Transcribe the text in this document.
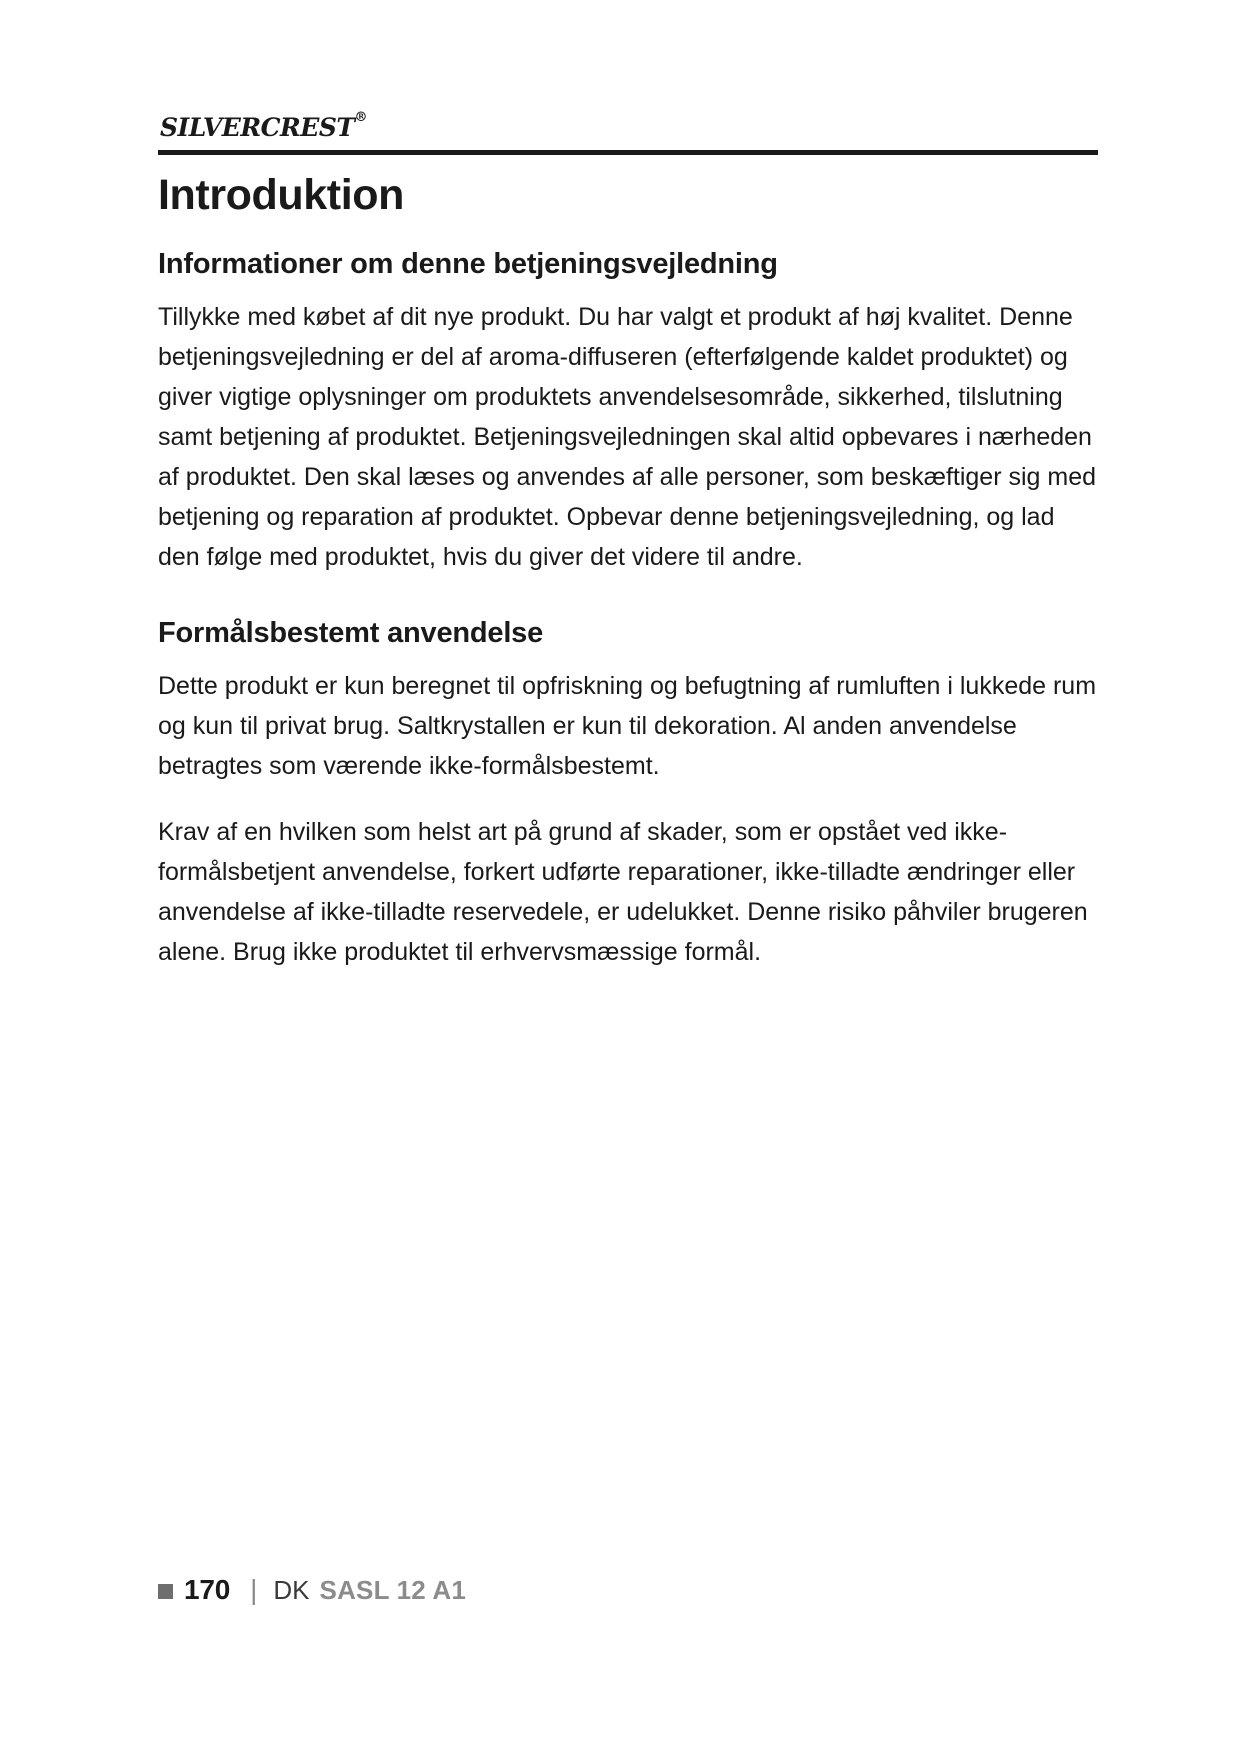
SILVERCREST®
Introduktion
Informationer om denne betjeningsvejledning

Tillykke med købet af dit nye produkt. Du har valgt et produkt af høj kvalitet. Denne betjeningsvejledning er del af aroma-diffuseren (efterfølgende kaldet produktet) og giver vigtige oplysninger om produktets anvendelsesområde, sikkerhed, tilslutning samt betjening af produktet. Betjeningsvejledningen skal altid opbevares i nærheden af produktet. Den skal læses og anvendes af alle personer, som beskæftiger sig med betjening og reparation af produktet. Opbevar denne betjeningsvejledning, og lad den følge med produktet, hvis du giver det videre til andre.

Formålsbestemt anvendelse

Dette produkt er kun beregnet til opfriskning og befugtning af rumluften i lukkede rum og kun til privat brug. Saltkrystallen er kun til dekoration. Al anden anvendelse betragtes som værende ikke-formålsbestemt.

Krav af en hvilken som helst art på grund af skader, som er opstået ved ikke-formålsbetjent anvendelse, forkert udførte reparationer, ikke-tilladte ændringer eller anvendelse af ikke-tilladte reservedele, er udelukket. Denne risiko påhviler brugeren alene. Brug ikke produktet til erhvervsmæssige formål.

170 | DK SASL 12 A1
